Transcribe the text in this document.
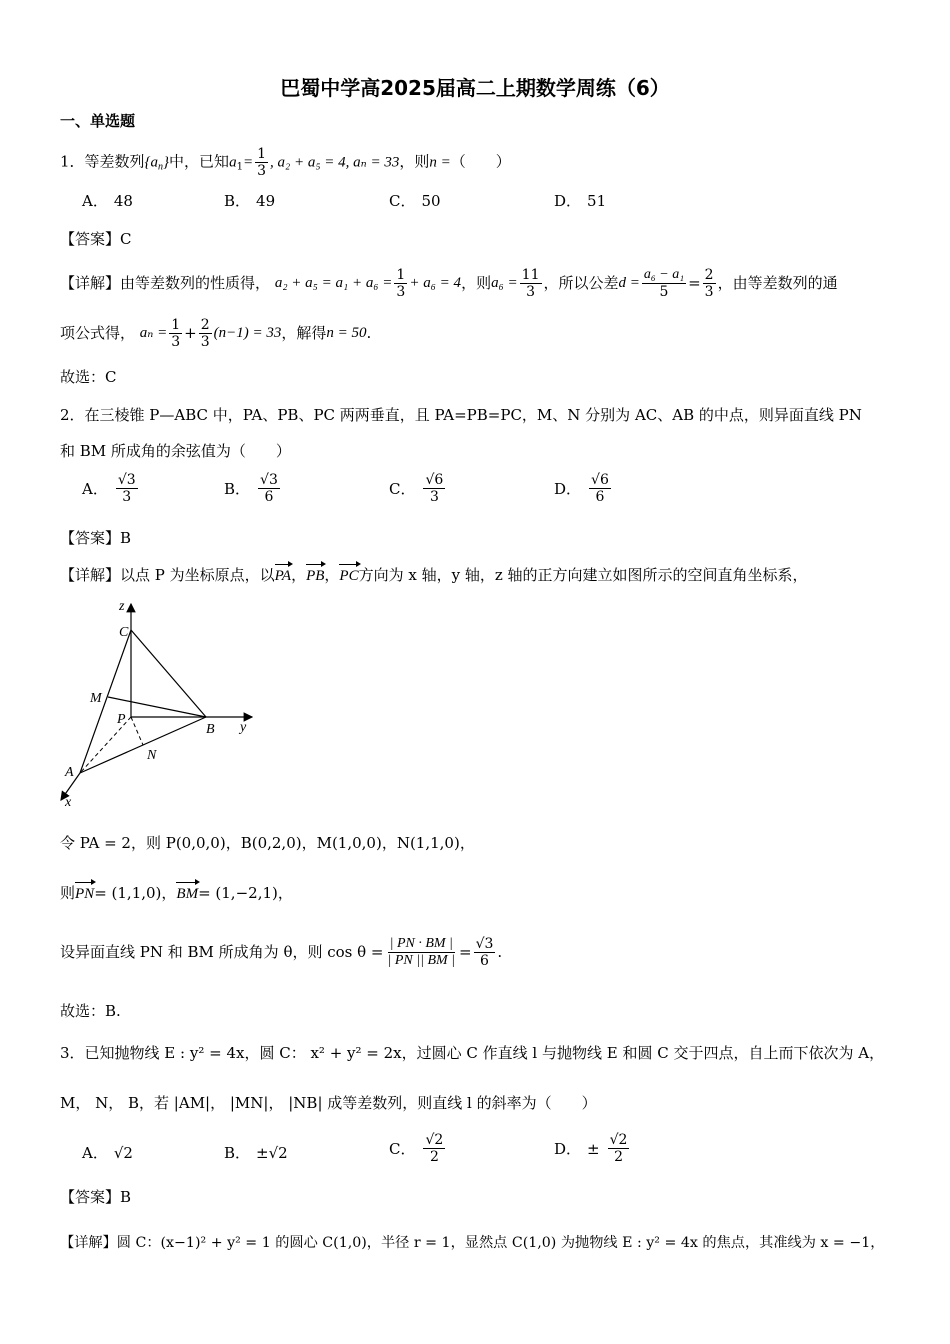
巴蜀中学高2025届高二上期数学周练（6）
一、单选题
1．等差数列$\{a_n\}$中，已知$a_1= \frac{1}{3}$ , a₂ + a₅ = 4, aₙ = 33，则n =（　　）
A． 48	B． 49	C． 50	D． 51
【答案】C
【详解】 由等差数列的性质得，
$a_2 + a_5 = a_1 + a_6 = \frac{1}{3} + a_6 = 4$ ，则 $a_6 = \frac{11}{3}$ ，所以公差 $d = \frac{\text{a₆ − a₁}}{5} = \frac{2}{3}$ ，由等差数列的通
项公式得，
$a_n = \frac{1}{3} + \frac{2}{3} (n-1) = 33$ ，解得 n = 50 .
故选：C
2．在三棱锥 P—ABC 中，PA、PB、PC 两两垂直，且 PA=PB=PC，M、N 分别为 AC、AB 的中点，则异面直线 PN
和 BM 所成角的余弦值为（　　）
A． $\frac{√3}{3}$	B． $\frac{√3}{6}$	C． $\frac{√6}{3}$	D． $\frac{√6}{6}$
【答案】B
【详解】以点 P 为坐标原点，以PA，PB，PC方向为 x 轴，y 轴，z 轴的正方向建立如图所示的空间直角坐标系，
z
C
M
P
B y
N
A
x
令 PA = 2，则 P(0,0,0)，B(0,2,0)，M(1,0,0)，N(1,1,0)，
则PN= (1,1,0)，BM= (1,−2,1)，
设异面直线 PN 和 BM 所成角为 θ，则 $\cos \theta = \frac{| PN \cdot BM |}{| PN || BM |} = \frac{√3}{6}$ .
故选：B.
3．已知抛物线 E : y² = 4x，圆 C： x² + y² = 2x，过圆心 C 作直线 l 与抛物线 E 和圆 C 交于四点，自上而下依次为 A，
M， N， B，若 |AM|， |MN|， |NB| 成等差数列，则直线 l 的斜率为（　　）
A． √2	B． ±√2	C． $\frac{√2}{2}$	D． ± $\frac{√2}{2}$
【答案】B
【详解】圆 C：(x−1)² + y² = 1 的圆心 C(1,0)，半径 r = 1，显然点 C(1,0) 为抛物线 E : y² = 4x 的焦点，其准线为 x = −1，
